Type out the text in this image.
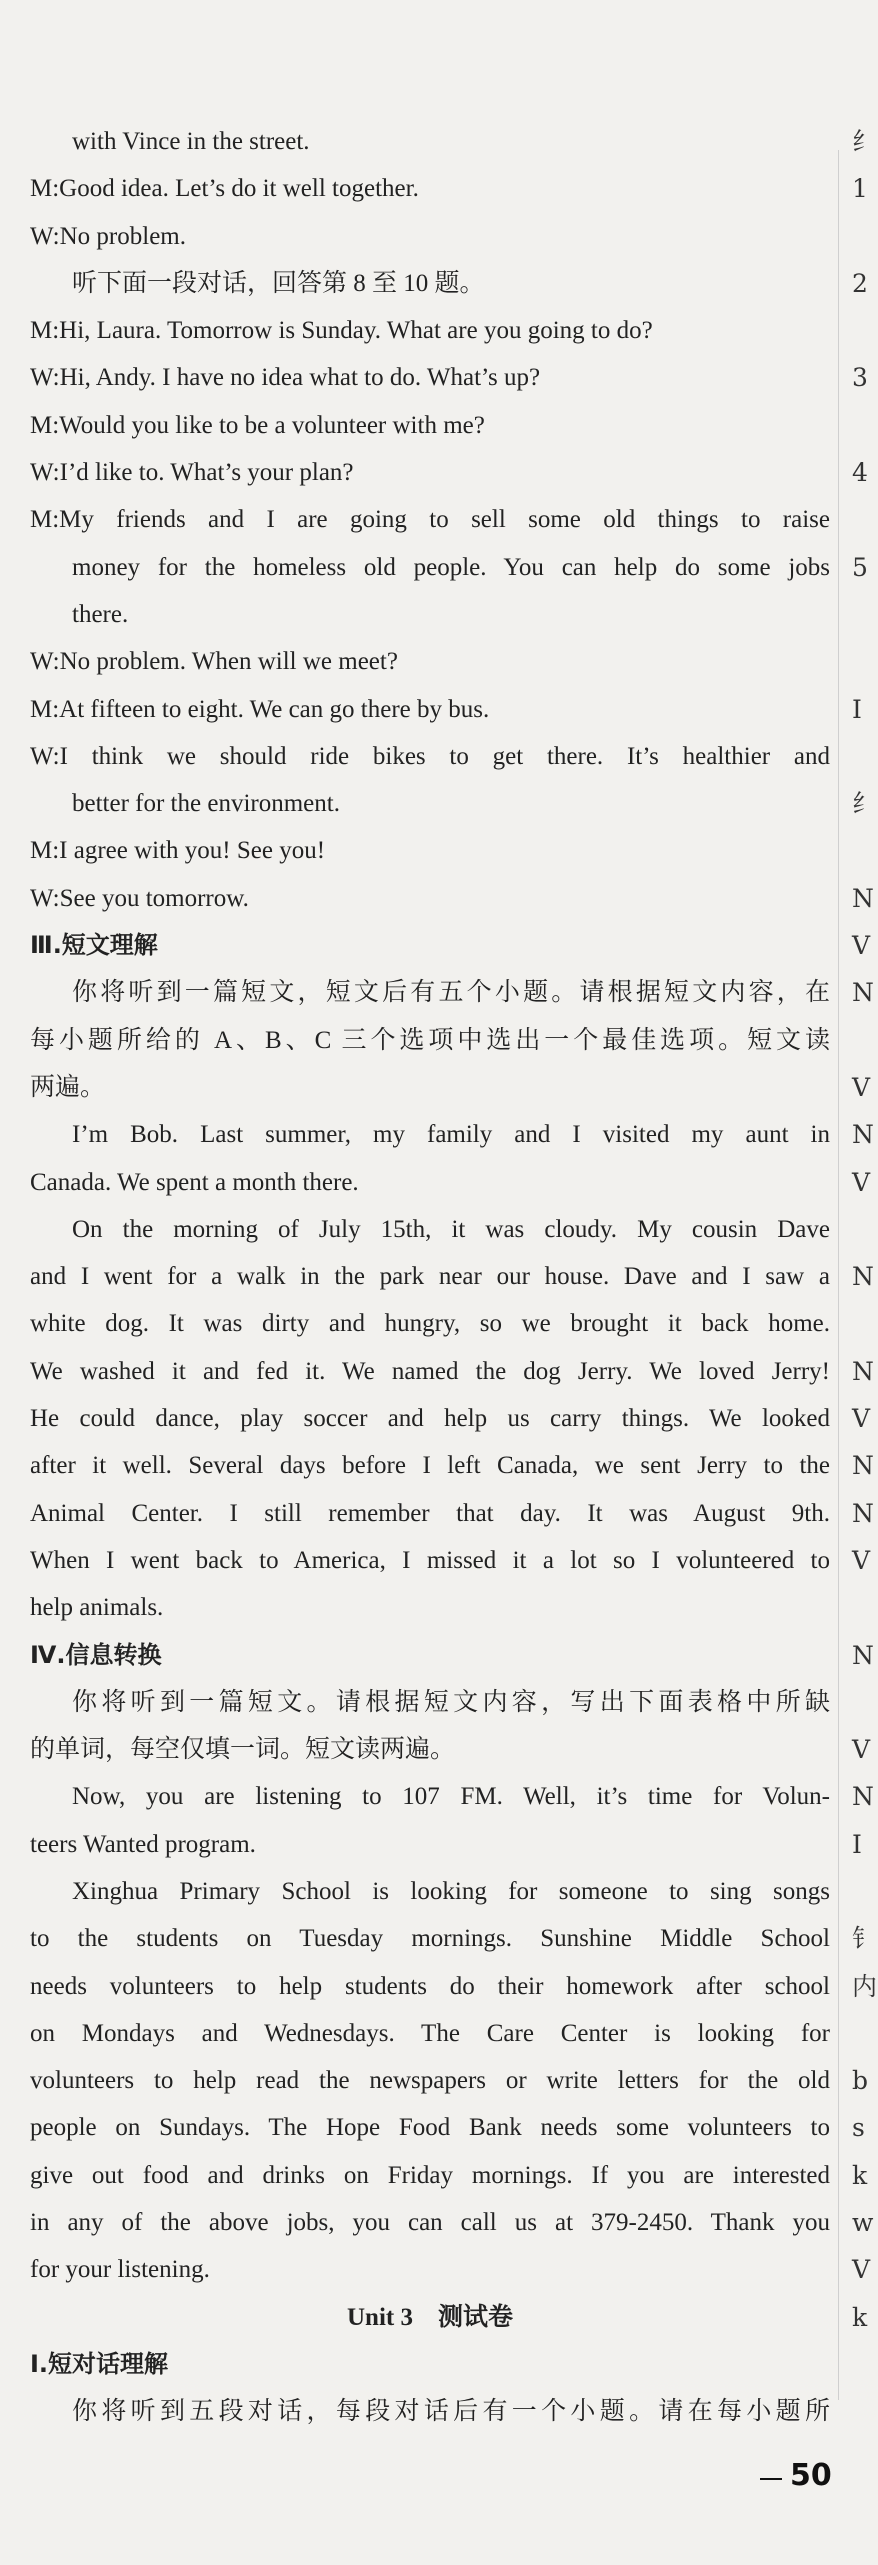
with Vince in the street.
M:Good idea. Let’s do it well together.
W:No problem.
听下面一段对话，回答第 8 至 10 题。
M:Hi, Laura. Tomorrow is Sunday. What are you going to do?
W:Hi, Andy. I have no idea what to do. What’s up?
M:Would you like to be a volunteer with me?
W:I’d like to. What’s your plan?
M:My friends and I are going to sell some old things to raise
money for the homeless old people. You can help do some jobs
there.
W:No problem. When will we meet?
M:At fifteen to eight. We can go there by bus.
W:I think we should ride bikes to get there. It’s healthier and
better for the environment.
M:I agree with you! See you!
W:See you tomorrow.
Ⅲ.短文理解
你将听到一篇短文，短文后有五个小题。请根据短文内容，在
每小题所给的 A、B、C 三个选项中选出一个最佳选项。短文读
两遍。
I’m Bob. Last summer, my family and I visited my aunt in
Canada. We spent a month there.
On the morning of July 15th, it was cloudy. My cousin Dave
and I went for a walk in the park near our house. Dave and I saw a
white dog. It was dirty and hungry, so we brought it back home.
We washed it and fed it. We named the dog Jerry. We loved Jerry!
He could dance, play soccer and help us carry things. We looked
after it well. Several days before I left Canada, we sent Jerry to the
Animal Center. I still remember that day. It was August 9th.
When I went back to America, I missed it a lot so I volunteered to
help animals.
Ⅳ.信息转换
你将听到一篇短文。请根据短文内容，写出下面表格中所缺
的单词，每空仅填一词。短文读两遍。
Now, you are listening to 107 FM. Well, it’s time for Volun-
teers Wanted program.
Xinghua Primary School is looking for someone to sing songs
to the students on Tuesday mornings. Sunshine Middle School
needs volunteers to help students do their homework after school
on Mondays and Wednesdays. The Care Center is looking for
volunteers to help read the newspapers or write letters for the old
people on Sundays. The Hope Food Bank needs some volunteers to
give out food and drinks on Friday mornings. If you are interested
in any of the above jobs, you can call us at 379-2450. Thank you
for your listening.
Unit 3　测试卷
Ⅰ.短对话理解
你将听到五段对话，每段对话后有一个小题。请在每小题所
纟
1
2
3
4
5
I
纟
N
V
N
V
N
V
N
N
V
N
N
V
N
V
N
I
钅
内
b
s
k
w
V
k
50
